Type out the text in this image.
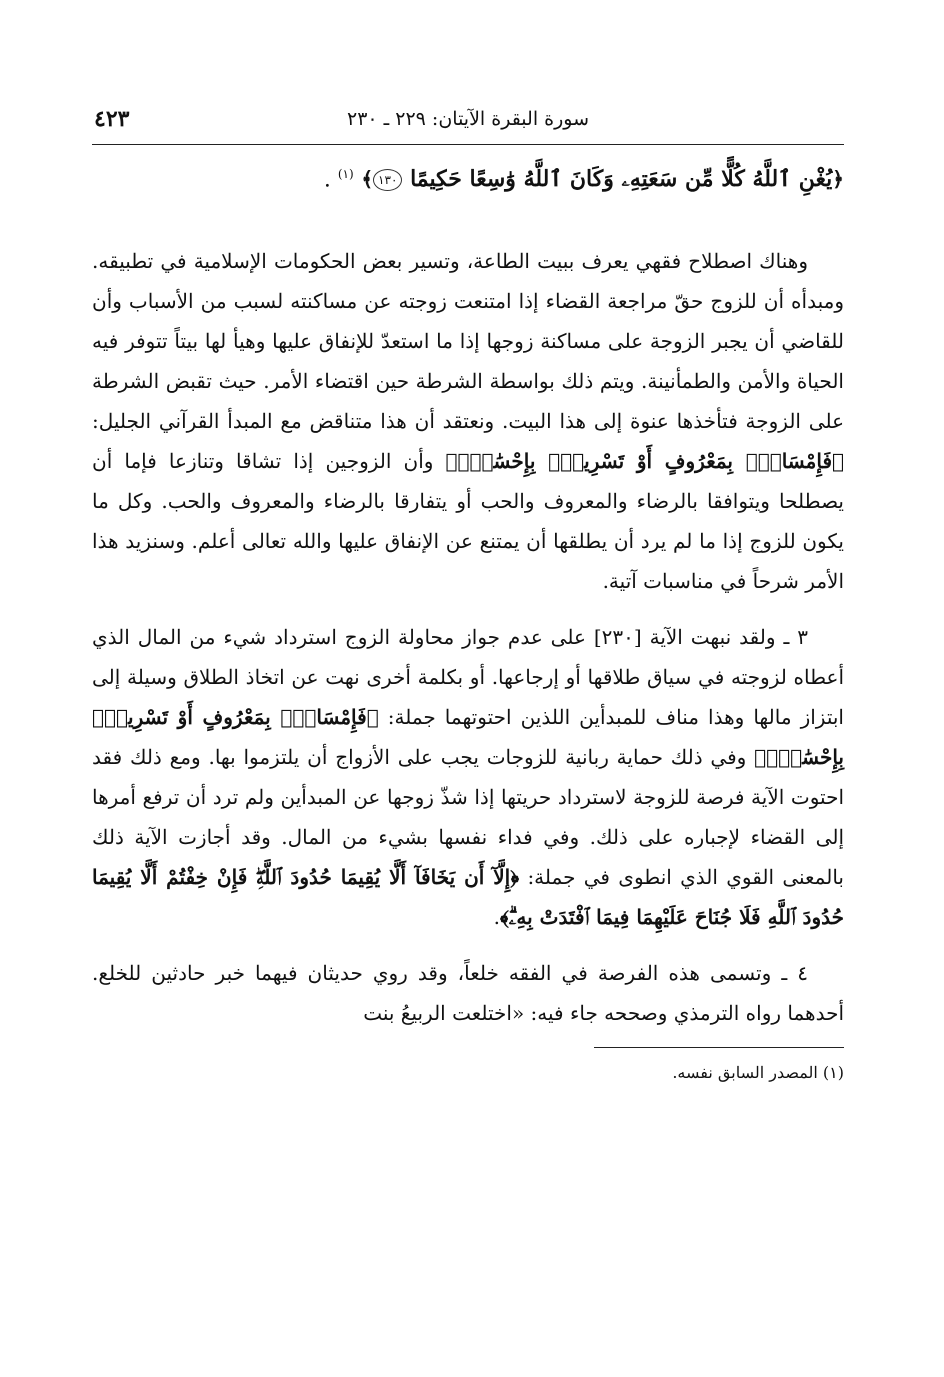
سورة البقرة الآيتان: ٢٢٩ ـ ٢٣٠
٤٢٣
﴿يُغْنِ ٱللَّهُ كُلًّا مِّن سَعَتِهِۦ وَكَانَ ٱللَّهُ وَٰسِعًا حَكِيمًا ١٣٠﴾ $^{(١)}$ .

وهناك اصطلاح فقهي يعرف ببيت الطاعة، وتسير بعض الحكومات الإسلامية في تطبيقه. ومبدأه أن للزوج حقّ مراجعة القضاء إذا امتنعت زوجته عن مساكنته لسبب من الأسباب وأن للقاضي أن يجبر الزوجة على مساكنة زوجها إذا ما استعدّ للإنفاق عليها وهيأ لها بيتاً تتوفر فيه الحياة والأمن والطمأنينة. ويتم ذلك بواسطة الشرطة حين اقتضاء الأمر. حيث تقبض الشرطة على الزوجة فتأخذها عنوة إلى هذا البيت. ونعتقد أن هذا متناقض مع المبدأ القرآني الجليل: ﴿فَإِمْسَاكُۢ بِمَعْرُوفٍ أَوْ تَسْرِيحُۢ بِإِحْسَٰنٍۗ﴾ وأن الزوجين إذا تشاقا وتنازعا فإما أن يصطلحا ويتوافقا بالرضاء والمعروف والحب أو يتفارقا بالرضاء والمعروف والحب. وكل ما يكون للزوج إذا ما لم يرد أن يطلقها أن يمتنع عن الإنفاق عليها والله تعالى أعلم. وسنزيد هذا الأمر شرحاً في مناسبات آتية.

٣ ـ ولقد نبهت الآية [٢٣٠] على عدم جواز محاولة الزوج استرداد شيء من المال الذي أعطاه لزوجته في سياق طلاقها أو إرجاعها. أو بكلمة أخرى نهت عن اتخاذ الطلاق وسيلة إلى ابتزاز مالها وهذا مناف للمبدأين اللذين احتوتهما جملة: ﴿فَإِمْسَاكُۢ بِمَعْرُوفٍ أَوْ تَسْرِيحُۢ بِإِحْسَٰنٍۗ﴾ وفي ذلك حماية ربانية للزوجات يجب على الأزواج أن يلتزموا بها. ومع ذلك فقد احتوت الآية فرصة للزوجة لاسترداد حريتها إذا شذّ زوجها عن المبدأين ولم ترد أن ترفع أمرها إلى القضاء لإجباره على ذلك. وفي فداء نفسها بشيء من المال. وقد أجازت الآية ذلك بالمعنى القوي الذي انطوى في جملة: ﴿إِلَّآ أَن يَخَافَآ أَلَّا يُقِيمَا حُدُودَ ٱللَّهِۖ فَإِنْ خِفْتُمْ أَلَّا يُقِيمَا حُدُودَ ٱللَّهِ فَلَا جُنَاحَ عَلَيْهِمَا فِيمَا ٱفْتَدَتْ بِهِۦۗ﴾.

٤ ـ وتسمى هذه الفرصة في الفقه خلعاً، وقد روي حديثان فيهما خبر حادثين للخلع. أحدهما رواه الترمذي وصححه جاء فيه: «اختلعت الربيعُ بنت

(١) المصدر السابق نفسه.
